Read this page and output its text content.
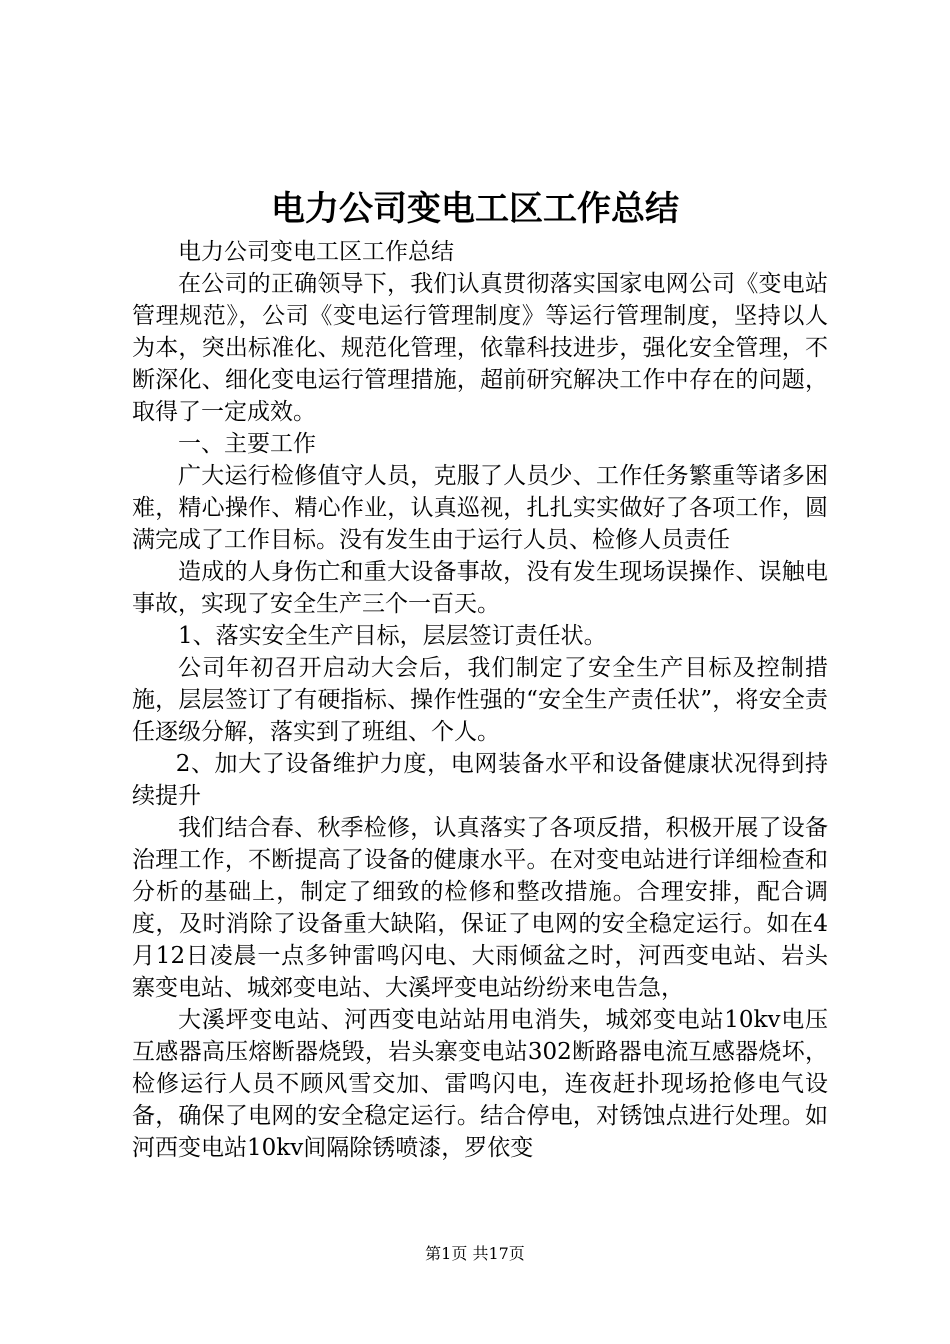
电力公司变电工区工作总结

电力公司变电工区工作总结

在公司的正确领导下，我们认真贯彻落实国家电网公司《变电站管理规范》，公司《变电运行管理制度》等运行管理制度，坚持以人为本，突出标准化、规范化管理，依靠科技进步，强化安全管理，不断深化、细化变电运行管理措施，超前研究解决工作中存在的问题，取得了一定成效。

一、主要工作

广大运行检修值守人员，克服了人员少、工作任务繁重等诸多困难，精心操作、精心作业，认真巡视，扎扎实实做好了各项工作，圆满完成了工作目标。没有发生由于运行人员、检修人员责任

造成的人身伤亡和重大设备事故，没有发生现场误操作、误触电事故，实现了安全生产三个一百天。

1、落实安全生产目标，层层签订责任状。

公司年初召开启动大会后，我们制定了安全生产目标及控制措施，层层签订了有硬指标、操作性强的“安全生产责任状”，将安全责任逐级分解，落实到了班组、个人。

2、加大了设备维护力度，电网装备水平和设备健康状况得到持续提升

我们结合春、秋季检修，认真落实了各项反措，积极开展了设备治理工作，不断提高了设备的健康水平。在对变电站进行详细检查和分析的基础上，制定了细致的检修和整改措施。合理安排，配合调度，及时消除了设备重大缺陷，保证了电网的安全稳定运行。如在4月12日凌晨一点多钟雷鸣闪电、大雨倾盆之时，河西变电站、岩头寨变电站、城郊变电站、大溪坪变电站纷纷来电告急，

大溪坪变电站、河西变电站站用电消失，城郊变电站10kv电压互感器高压熔断器烧毁，岩头寨变电站302断路器电流互感器烧坏，检修运行人员不顾风雪交加、雷鸣闪电，连夜赶扑现场抢修电气设备，确保了电网的安全稳定运行。结合停电，对锈蚀点进行处理。如河西变电站10kv间隔除锈喷漆，罗依变

第1页 共17页
